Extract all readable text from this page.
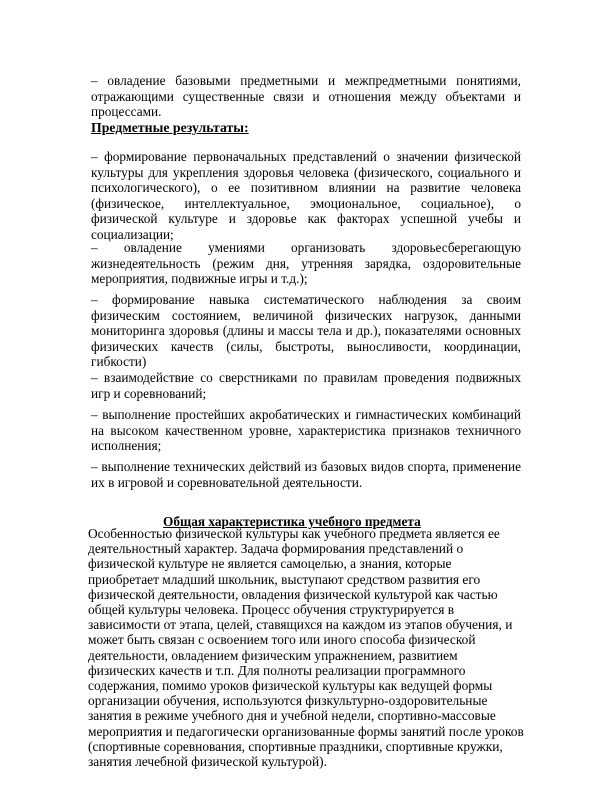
– овладение базовыми предметными и межпредметными понятиями, отражающими существенные связи и отношения между объектами и процессами.

Предметные результаты:

– формирование первоначальных представлений о значении физической культуры для укрепления здоровья человека (физического, социального и психологического), о ее позитивном влиянии на развитие человека (физическое, интеллектуальное, эмоциональное, социальное), о физической культуре и здоровье как факторах успешной учебы и социализации;

– овладение умениями организовать здоровьесберегающую жизнедеятельность (режим дня, утренняя зарядка, оздоровительные мероприятия, подвижные игры и т.д.);

– формирование навыка систематического наблюдения за своим физическим состоянием, величиной физических нагрузок, данными мониторинга здоровья (длины и массы тела и др.), показателями основных физических качеств (силы, быстроты, выносливости, координации, гибкости)

– взаимодействие со сверстниками по правилам проведения подвижных игр и соревнований;

– выполнение простейших акробатических и гимнастических комбинаций на высоком качественном уровне, характеристика признаков техничного исполнения;

– выполнение технических действий из базовых видов спорта, применение их в игровой и соревновательной деятельности.

Общая характеристика учебного предмета

Особенностью физической культуры как учебного предмета является ее деятельностный характер. Задача формирования представлений о физической культуре не является самоцелью, а знания, которые приобретает младший школьник, выступают средством развития его физической деятельности, овладения физической культурой как частью общей культуры человека. Процесс обучения структурируется в зависимости от этапа, целей, ставящихся на каждом из этапов обучения, и может быть связан с освоением того или иного способа физической деятельности, овладением физическим упражнением, развитием физических качеств и т.п. Для полноты реализации программного содержания, помимо уроков физической культуры как ведущей формы организации обучения, используются физкультурно-оздоровительные занятия в режиме учебного дня и учебной недели, спортивно-массовые мероприятия и педагогически организованные формы занятий после уроков (спортивные соревнования, спортивные праздники, спортивные кружки, занятия лечебной физической культурой).
